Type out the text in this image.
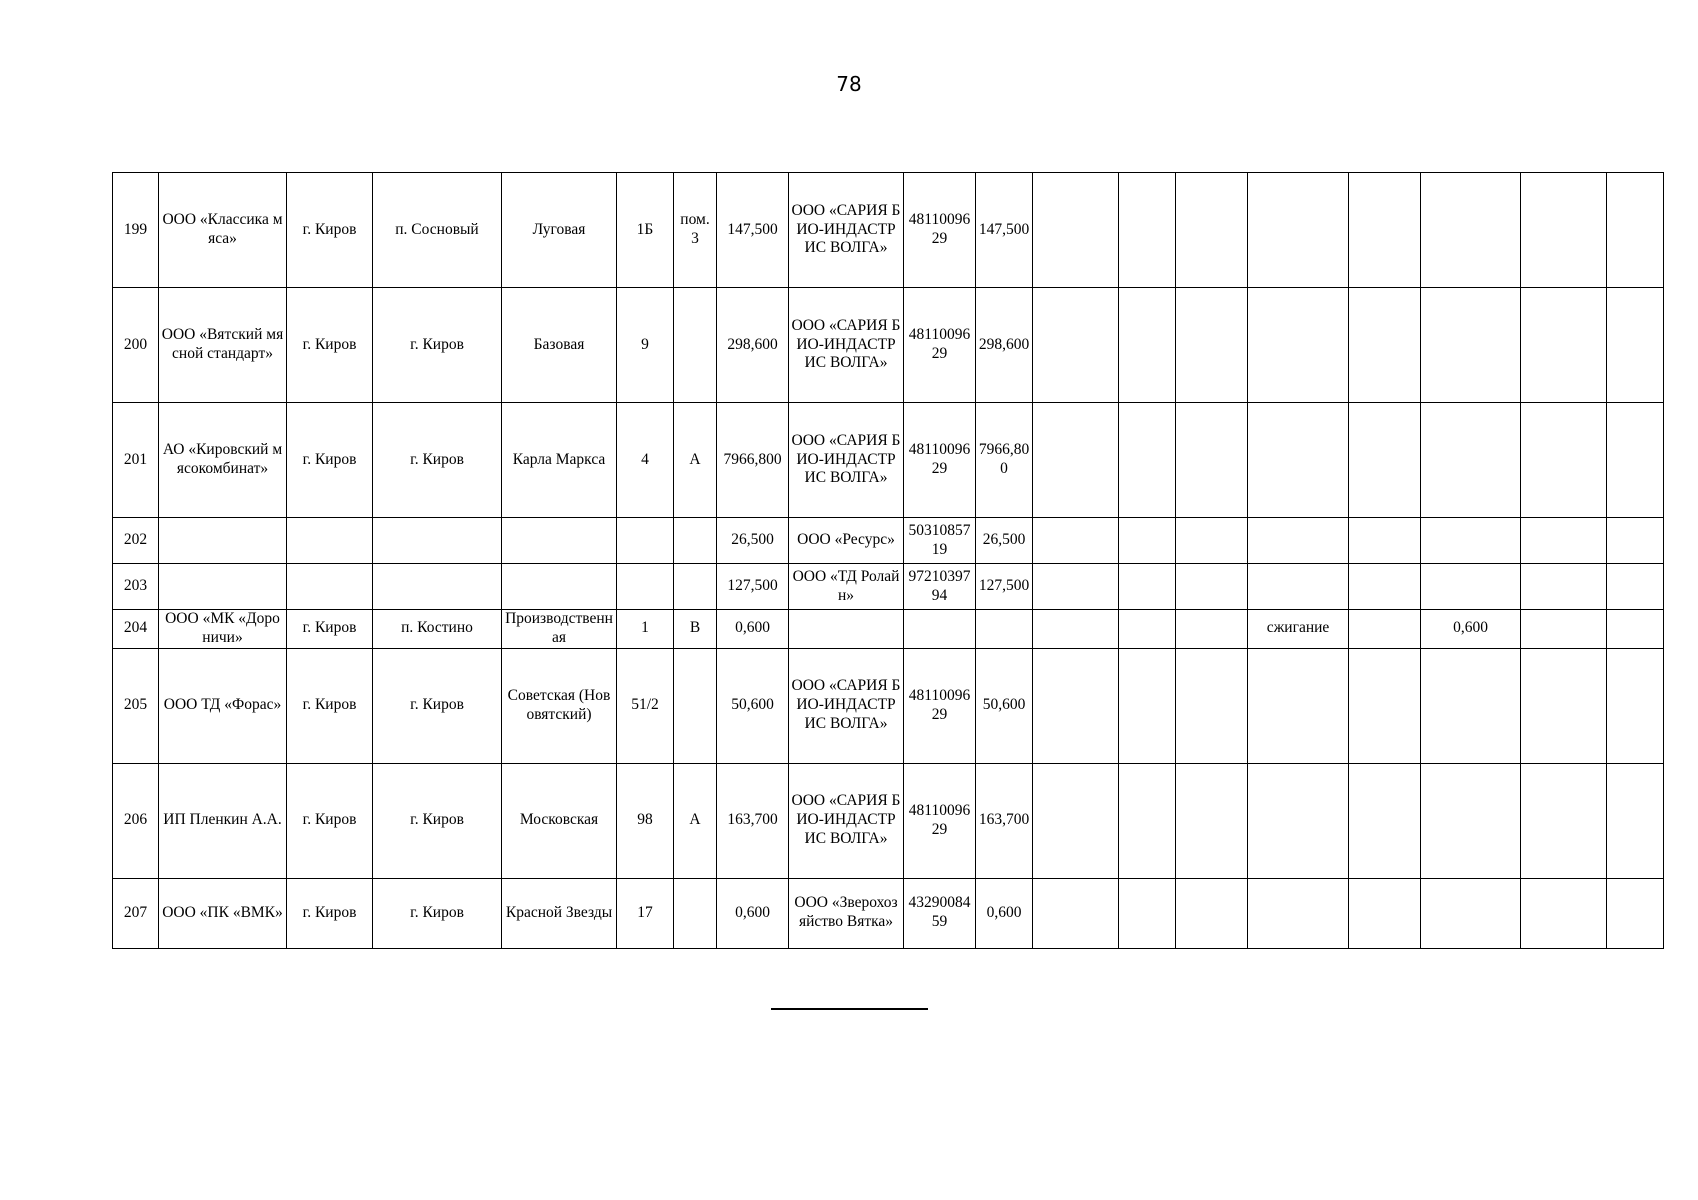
78
199	ООО «Классика мяса»	г. Киров	п. Сосновый	Луговая	1Б	пом. 3	147,500	ООО «САРИЯ БИО-ИНДАСТРИС ВОЛГА»	4811009629	147,500								
200	ООО «Вятский мясной стандарт»	г. Киров	г. Киров	Базовая	9		298,600	ООО «САРИЯ БИО-ИНДАСТРИС ВОЛГА»	4811009629	298,600								
201	АО «Кировский мясокомбинат»	г. Киров	г. Киров	Карла Маркса	4	А	7966,800	ООО «САРИЯ БИО-ИНДАСТРИС ВОЛГА»	4811009629	7966,800								
202							26,500	ООО «Ресурс»	5031085719	26,500								
203							127,500	ООО «ТД Ролайн»	9721039794	127,500								
204	ООО «МК «Дороничи»	г. Киров	п. Костино	Производственная	1	В	0,600							сжигание		0,600		
205	ООО ТД «Форас»	г. Киров	г. Киров	Советская (Нововятский)	51/2		50,600	ООО «САРИЯ БИО-ИНДАСТРИС ВОЛГА»	4811009629	50,600								
206	ИП Пленкин А.А.	г. Киров	г. Киров	Московская	98	А	163,700	ООО «САРИЯ БИО-ИНДАСТРИС ВОЛГА»	4811009629	163,700								
207	ООО «ПК «ВМК»	г. Киров	г. Киров	Красной Звезды	17		0,600	ООО «Зверохозяйство Вятка»	4329008459	0,600								
